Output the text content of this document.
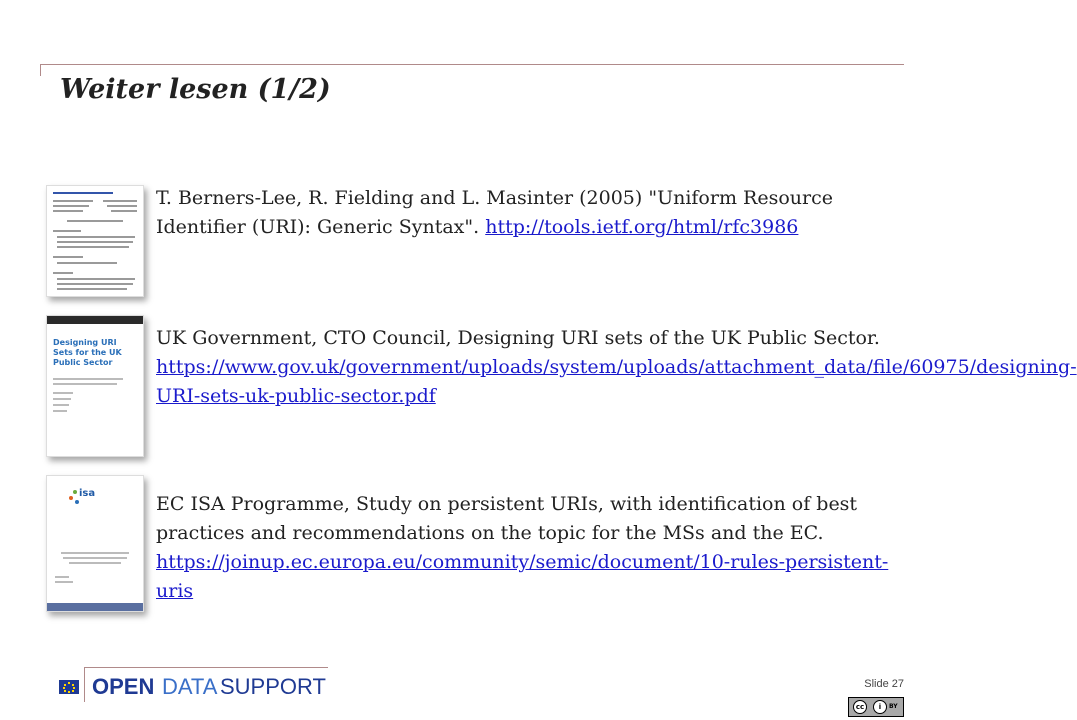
Weiter lesen (1/2)
Designing URI Sets for the UK Public Sector
isa
T. Berners-Lee, R. Fielding and L. Masinter (2005) "Uniform Resource Identifier (URI): Generic Syntax". http://tools.ietf.org/html/rfc3986
UK Government, CTO Council, Designing URI sets of the UK Public Sector. https://www.gov.uk/government/uploads/system/uploads/attachment_data/file/60975/designing-URI-sets-uk-public-sector.pdf
EC ISA Programme, Study on persistent URIs, with identification of best practices and recommendations on the topic for the MSs and the EC. https://joinup.ec.europa.eu/community/semic/document/10-rules-persistent-uris
OPEN DATA SUPPORT	Slide 27
cc	i	BY
